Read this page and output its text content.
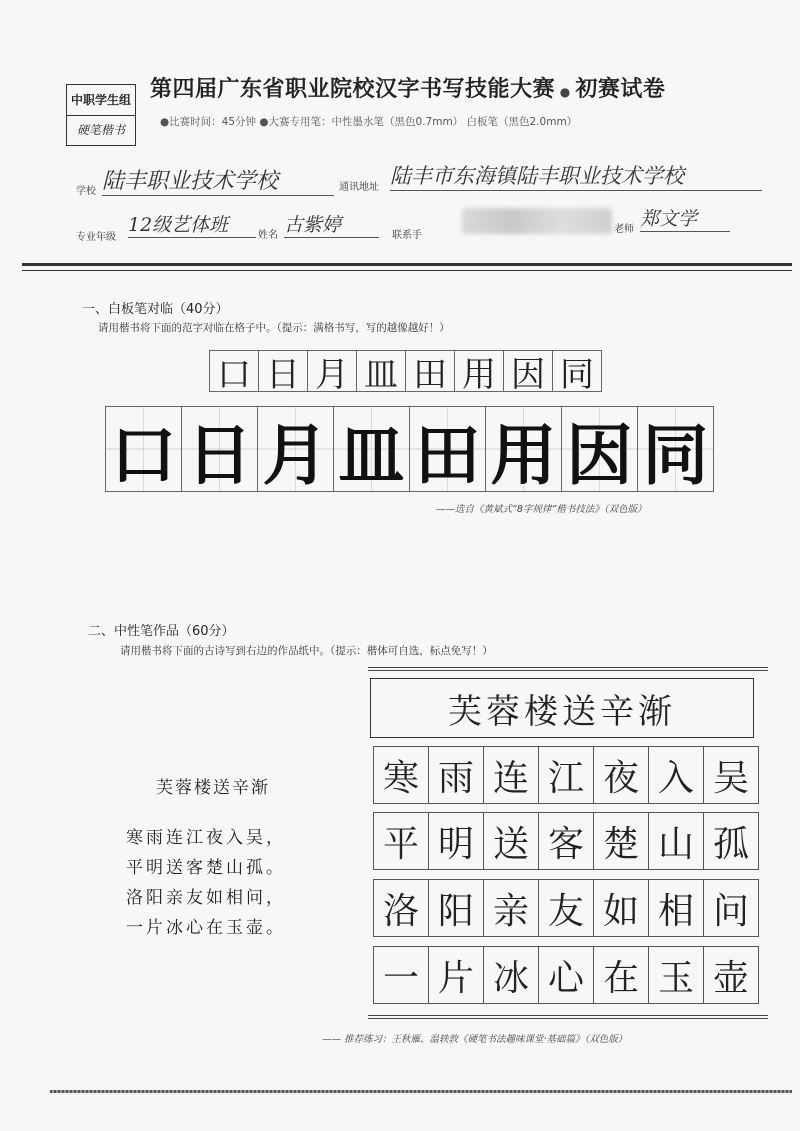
中职学生组
硬笔楷书
第四届广东省职业院校汉字书写技能大赛 ● 初赛试卷
●比赛时间：45分钟 ●大赛专用笔：中性墨水笔（黑色0.7mm） 白板笔（黑色2.0mm）
学校 陆丰职业技术学校	通讯地址 陆丰市东海镇陆丰职业技术学校
专业年级
12级艺体班	姓名 古紫婷	联系手
老师 郑文学
一、白板笔对临（40分）
请用楷书将下面的范字对临在格子中。（提示：满格书写，写的越像越好！）
口 日 月 皿 田 用 因 同
口 日 月 皿 田 用 因 同
——选自《黄斌式“8字规律”楷书技法》（双色版）
二、中性笔作品（60分）
请用楷书将下面的古诗写到右边的作品纸中。（提示：楷体可自选，标点免写！）
芙蓉楼送辛渐
寒雨连江夜入吴，
平明送客楚山孤。
洛阳亲友如相问，
一片冰心在玉壶。
芙蓉楼送辛渐
寒 雨 连 江 夜 入 吴
平 明 送 客 楚 山 孤
洛 阳 亲 友 如 相 问
一 片 冰 心 在 玉 壶
—— 推荐练习：王秋雁、温轶敦《硬笔书法趣味课堂·基础篇》（双色版）
